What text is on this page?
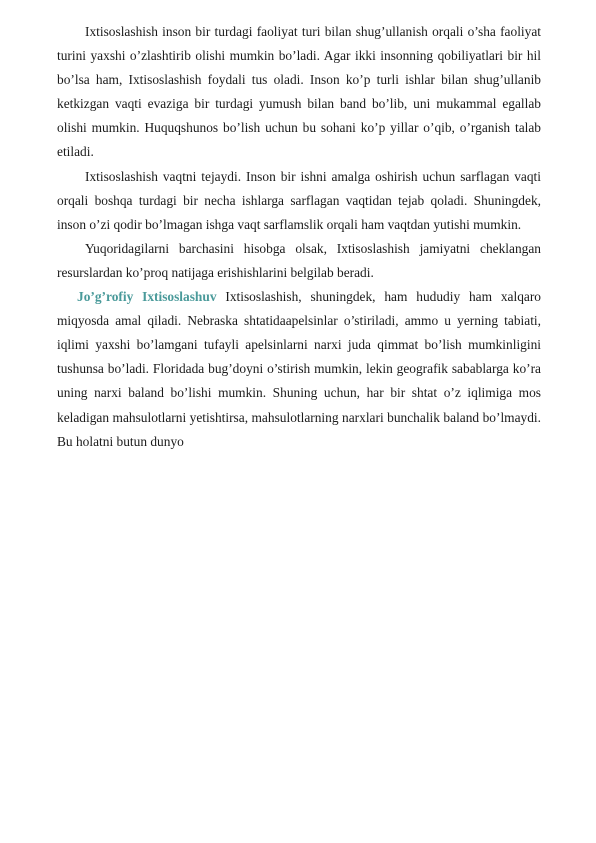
Ixtisoslashish inson bir turdagi faoliyat turi bilan shug’ullanish orqali o’sha faoliyat turini yaxshi o’zlashtirib olishi mumkin bo’ladi. Agar ikki insonning qobiliyatlari bir hil bo’lsa ham, Ixtisoslashish foydali tus oladi. Inson ko’p turli ishlar bilan shug’ullanib ketkizgan vaqti evaziga bir turdagi yumush bilan band bo’lib, uni mukammal egallab olishi mumkin. Huquqshunos bo’lish uchun bu sohani ko’p yillar o’qib, o’rganish talab etiladi.

Ixtisoslashish vaqtni tejaydi. Inson bir ishni amalga oshirish uchun sarflagan vaqti orqali boshqa turdagi bir necha ishlarga sarflagan vaqtidan tejab qoladi. Shuningdek, inson o’zi qodir bo’lmagan ishga vaqt sarflamslik orqali ham vaqtdan yutishi mumkin.

Yuqoridagilarni barchasini hisobga olsak, Ixtisoslashish jamiyatni cheklangan resurslardan ko’proq natijaga erishishlarini belgilab beradi.

Jo’g’rofiy Ixtisoslashuv Ixtisoslashish, shuningdek, ham hududiy ham xalqaro miqyosda amal qiladi. Nebraska shtatidaapelsinlar o’stiriladi, ammo u yerning tabiati, iqlimi yaxshi bo’lamgani tufayli apelsinlarni narxi juda qimmat bo’lish mumkinligini tushunsa bo’ladi. Floridada bug’doyni o’stirish mumkin, lekin geografik sabablarga ko’ra uning narxi baland bo’lishi mumkin. Shuning uchun, har bir shtat o’z iqlimiga mos keladigan mahsulotlarni yetishtirsa, mahsulotlarning narxlari bunchalik baland bo’lmaydi. Bu holatni butun dunyo
